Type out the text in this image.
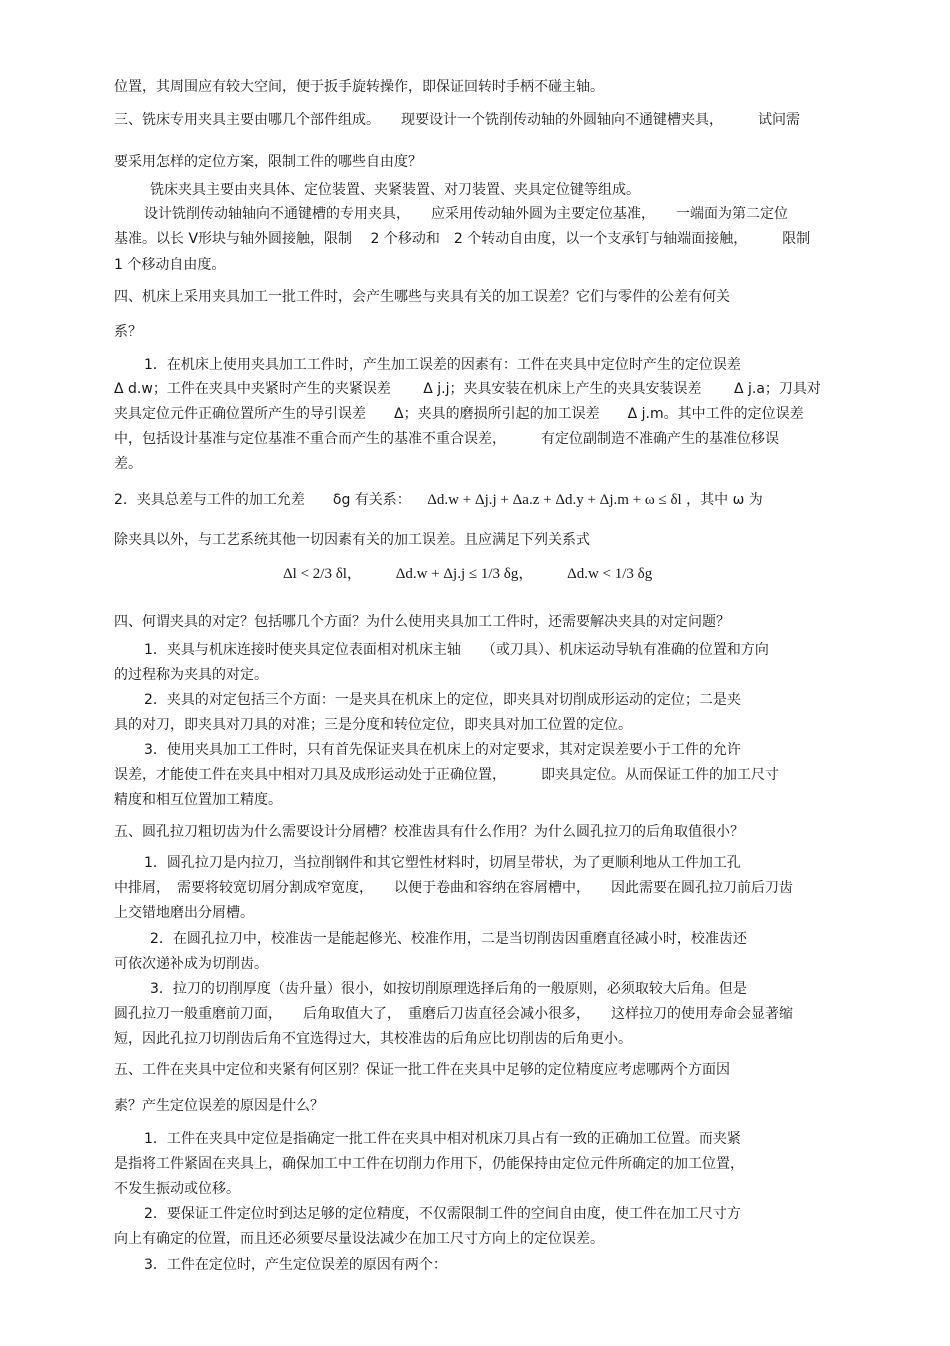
位置，其周围应有较大空间，便于扳手旋转操作，即保证回转时手柄不碰主轴。
三、铣床专用夹具主要由哪几个部件组成。　　现要设计一个铣削传动轴的外圆轴向不通键槽夹具，　　　试问需
要采用怎样的定位方案，限制工件的哪些自由度？
铣床夹具主要由夹具体、定位装置、夹紧装置、对刀装置、夹具定位键等组成。
设计铣削传动轴轴向不通键槽的专用夹具，　　应采用传动轴外圆为主要定位基准，　　一端面为第二定位
基准。以长 V形块与轴外圆接触，限制　 2 个移动和　2 个转动自由度，以一个支承钉与轴端面接触，　　　限制
1 个移动自由度。
四、机床上采用夹具加工一批工件时，会产生哪些与夹具有关的加工误差？它们与零件的公差有何关
系？
1．在机床上使用夹具加工工件时，产生加工误差的因素有：工件在夹具中定位时产生的定位误差
Δ d.w；工件在夹具中夹紧时产生的夹紧误差　　 Δ j.j；夹具安装在机床上产生的夹具安装误差　　 Δ j.a；刀具对
夹具定位元件正确位置所产生的导引误差　　Δ；夹具的磨损所引起的加工误差　　Δ j.m。其中工件的定位误差
中，包括设计基准与定位基准不重合而产生的基准不重合误差，　　　有定位副制造不准确产生的基准位移误
差。
2．夹具总差与工件的加工允差　　δg 有关系： Δd.w + Δj.j + Δa.z + Δd.y + Δj.m + ω ≤ δl ，其中 ω 为
除夹具以外，与工艺系统其他一切因素有关的加工误差。且应满足下列关系式
Δl < 2/3 δl， Δd.w + Δj.j ≤ 1/3 δg， Δd.w < 1/3 δg
四、何谓夹具的对定？包括哪几个方面？为什么使用夹具加工工件时，还需要解决夹具的对定问题？
1．夹具与机床连接时使夹具定位表面相对机床主轴　　（或刀具）、机床运动导轨有准确的位置和方向
的过程称为夹具的对定。
2．夹具的对定包括三个方面：一是夹具在机床上的定位，即夹具对切削成形运动的定位；二是夹
具的对刀，即夹具对刀具的对准；三是分度和转位定位，即夹具对加工位置的定位。
3．使用夹具加工工件时，只有首先保证夹具在机床上的对定要求，其对定误差要小于工件的允许
误差，才能使工件在夹具中相对刀具及成形运动处于正确位置，　　　即夹具定位。从而保证工件的加工尺寸
精度和相互位置加工精度。
五、圆孔拉刀粗切齿为什么需要设计分屑槽？校准齿具有什么作用？为什么圆孔拉刀的后角取值很小？
1．圆孔拉刀是内拉刀，当拉削钢件和其它塑性材料时，切屑呈带状，为了更顺利地从工件加工孔
中排屑，　需要将较宽切屑分割成窄宽度，　　以便于卷曲和容纳在容屑槽中，　　因此需要在圆孔拉刀前后刀齿
上交错地磨出分屑槽。
2．在圆孔拉刀中，校准齿一是能起修光、校准作用，二是当切削齿因重磨直径减小时，校准齿还
可依次递补成为切削齿。
3．拉刀的切削厚度（齿升量）很小，如按切削原理选择后角的一般原则，必须取较大后角。但是
圆孔拉刀一般重磨前刀面，　　后角取值大了，　重磨后刀齿直径会减小很多，　　这样拉刀的使用寿命会显著缩
短，因此孔拉刀切削齿后角不宜选得过大，其校准齿的后角应比切削齿的后角更小。
五、工件在夹具中定位和夹紧有何区别？保证一批工件在夹具中足够的定位精度应考虑哪两个方面因
素？产生定位误差的原因是什么？
1．工件在夹具中定位是指确定一批工件在夹具中相对机床刀具占有一致的正确加工位置。而夹紧
是指将工件紧固在夹具上，确保加工中工件在切削力作用下，仍能保持由定位元件所确定的加工位置，
不发生振动或位移。
2．要保证工件定位时到达足够的定位精度，不仅需限制工件的空间自由度，使工件在加工尺寸方
向上有确定的位置，而且还必须要尽量设法减少在加工尺寸方向上的定位误差。
3．工件在定位时，产生定位误差的原因有两个：
